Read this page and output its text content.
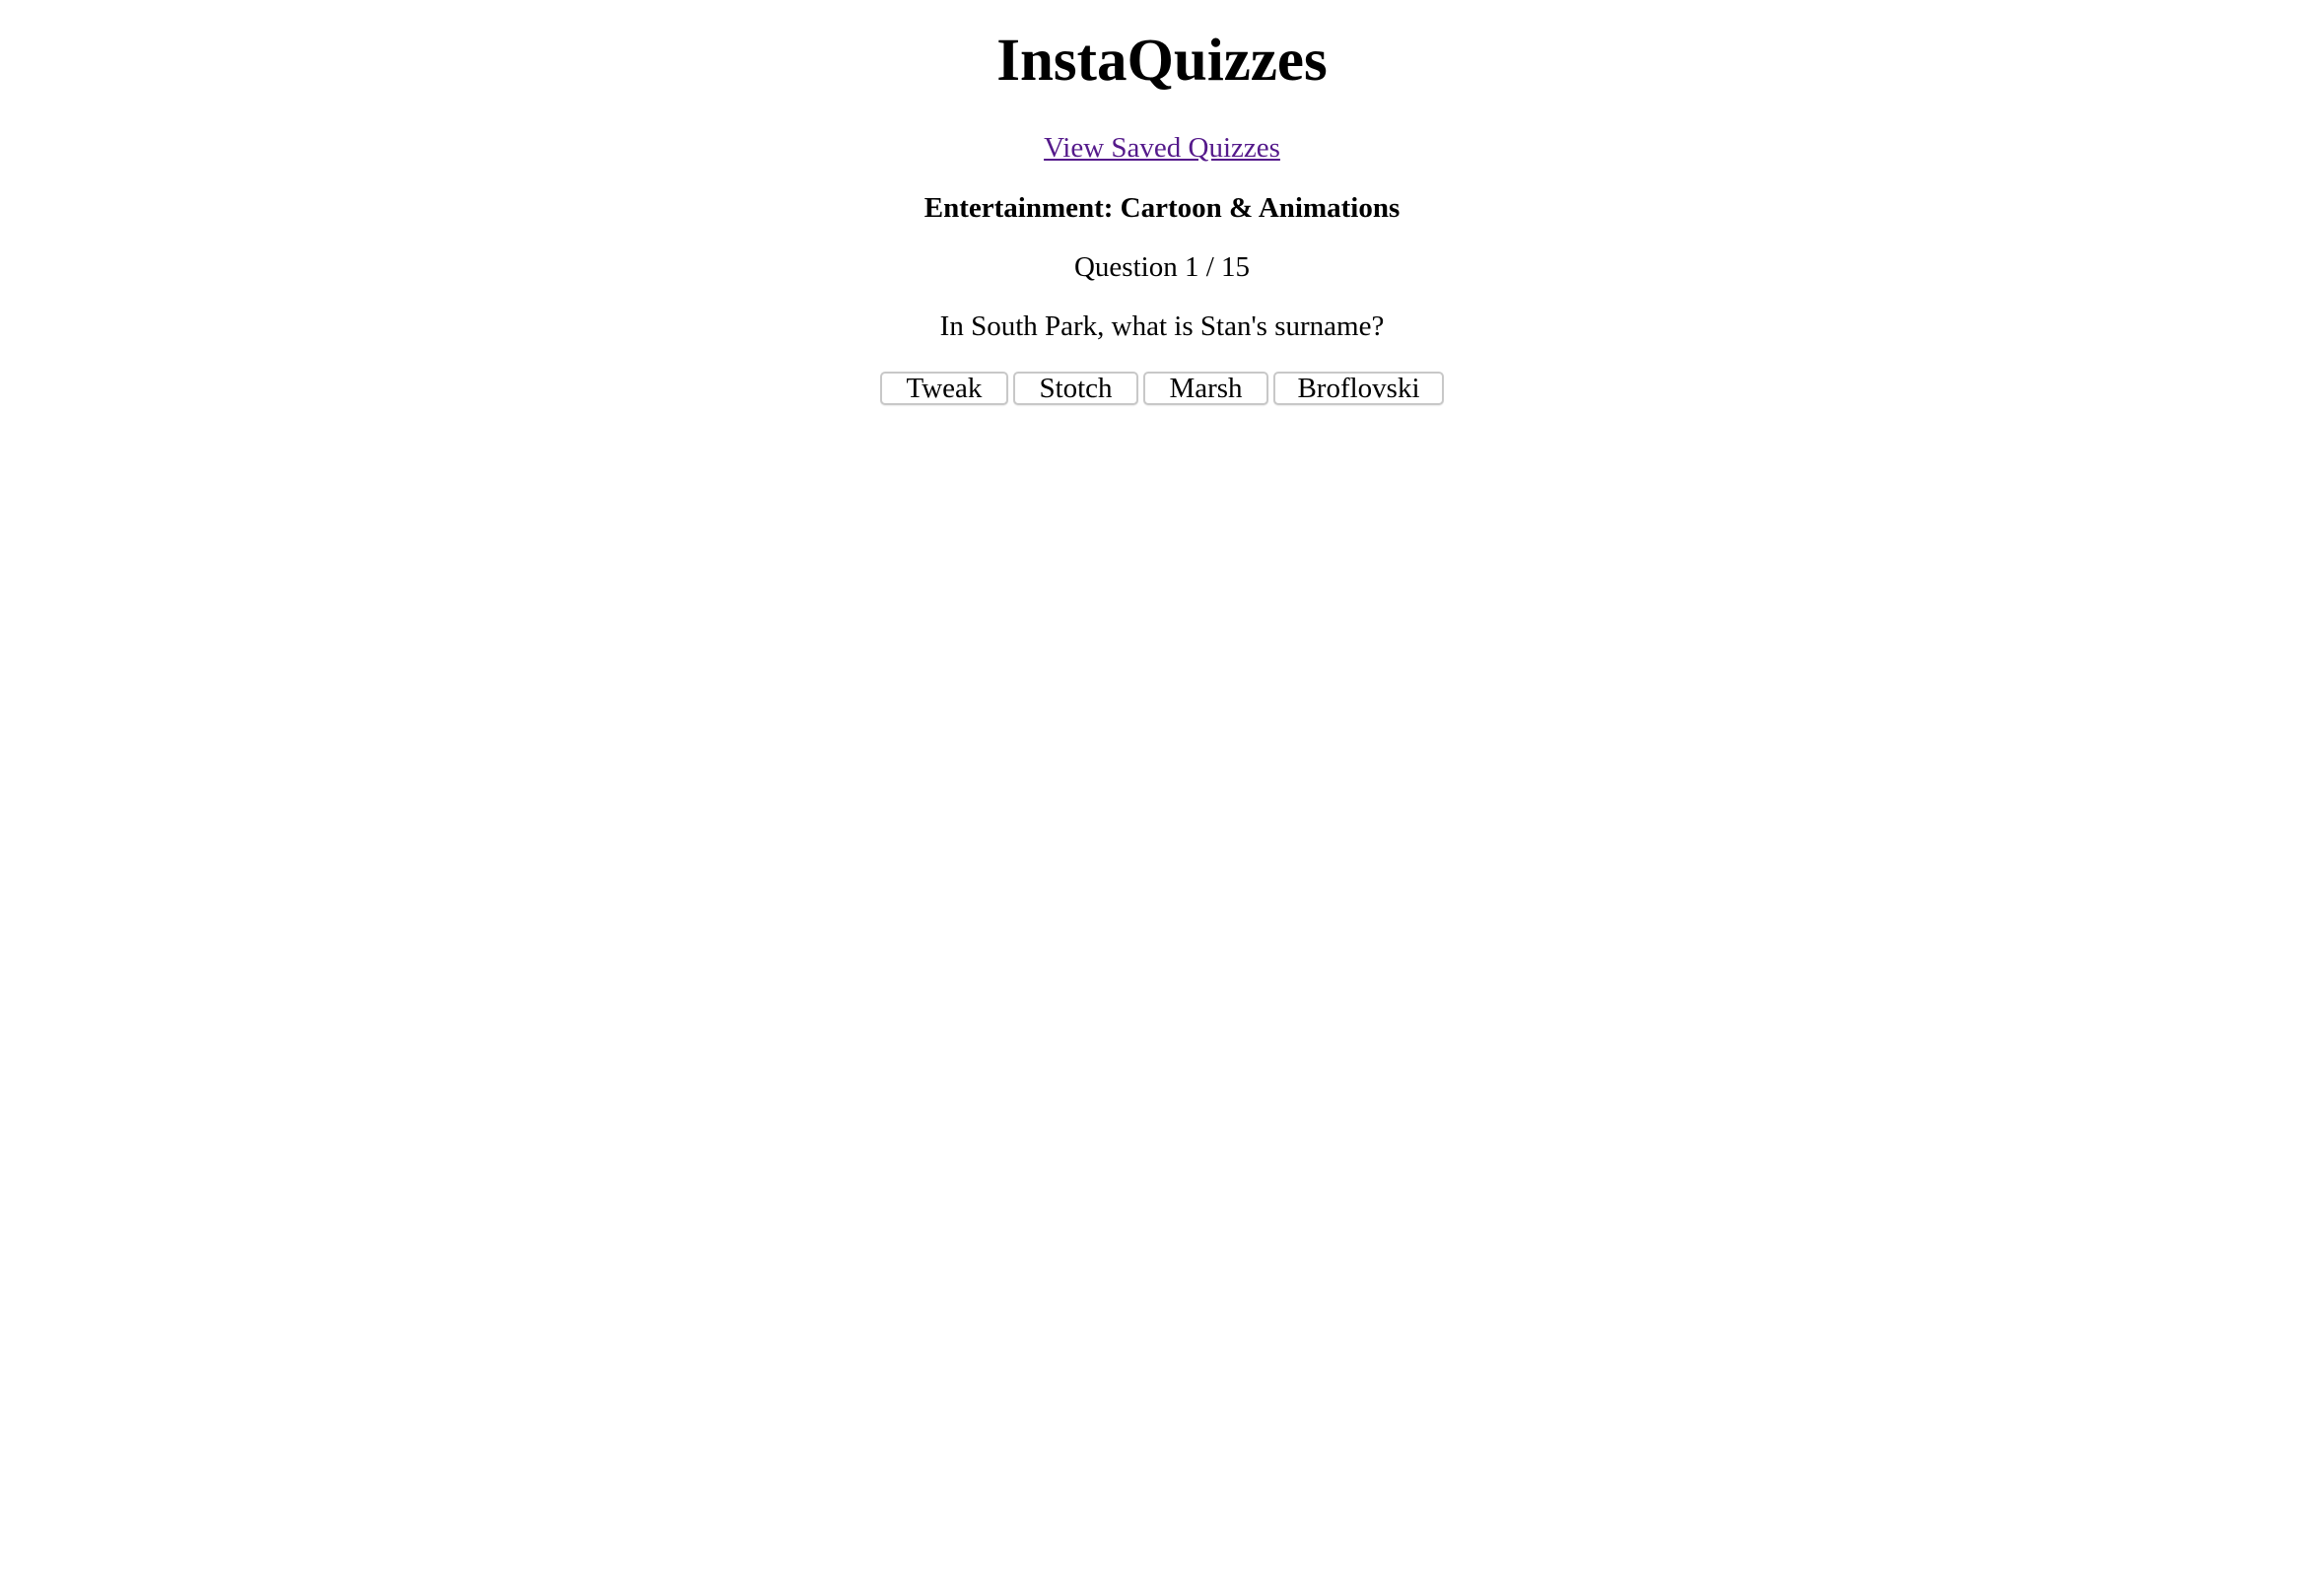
InstaQuizzes
View Saved Quizzes
Entertainment: Cartoon & Animations
Question 1 / 15
In South Park, what is Stan's surname?
Tweak	Stotch	Marsh	Broflovski
